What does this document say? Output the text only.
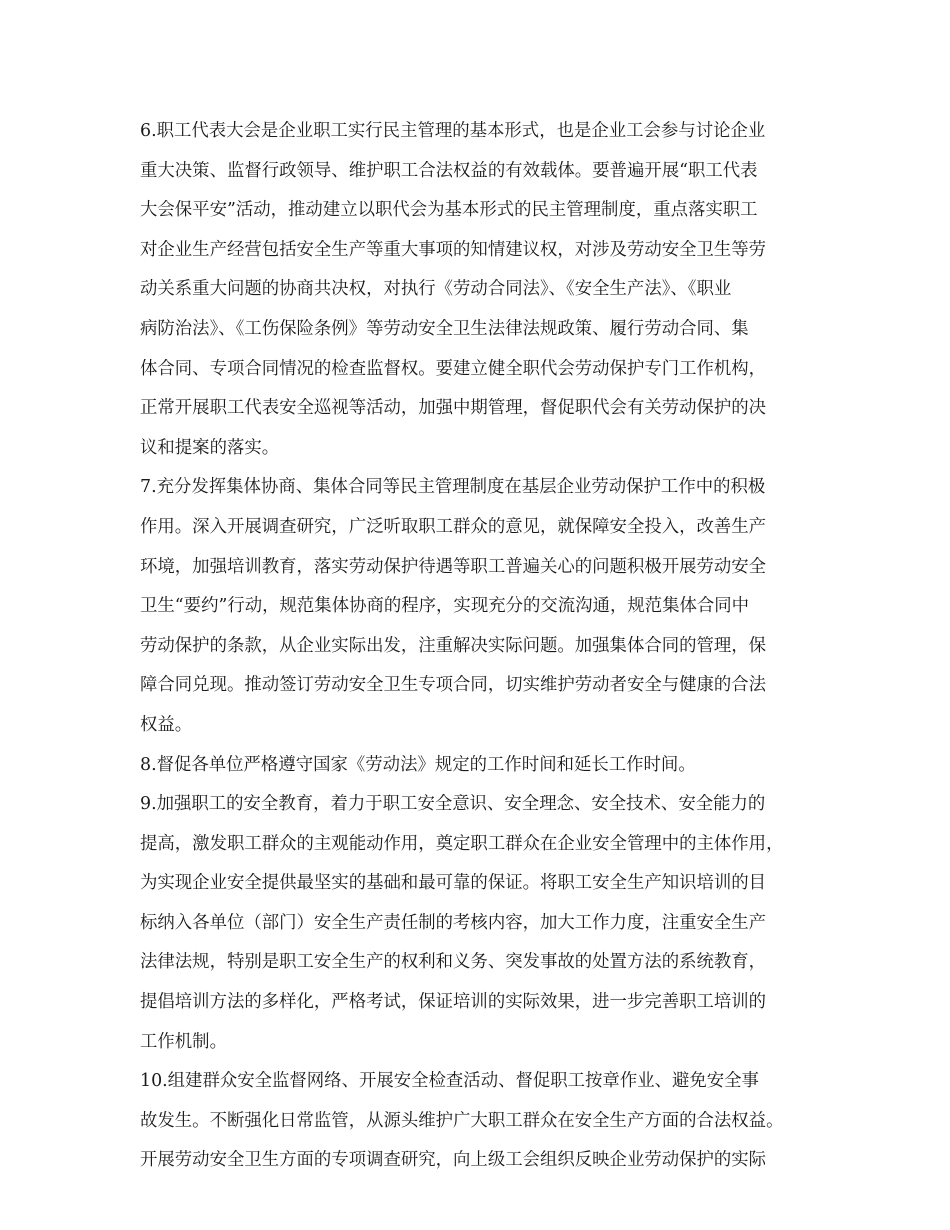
6.职工代表大会是企业职工实行民主管理的基本形式，也是企业工会参与讨论企业
重大决策、监督行政领导、维护职工合法权益的有效载体。要普遍开展“职工代表
大会保平安”活动，推动建立以职代会为基本形式的民主管理制度，重点落实职工
对企业生产经营包括安全生产等重大事项的知情建议权，对涉及劳动安全卫生等劳
动关系重大问题的协商共决权，对执行《劳动合同法》、《安全生产法》、《职业
病防治法》、《工伤保险条例》等劳动安全卫生法律法规政策、履行劳动合同、集
体合同、专项合同情况的检查监督权。要建立健全职代会劳动保护专门工作机构，
正常开展职工代表安全巡视等活动，加强中期管理，督促职代会有关劳动保护的决
议和提案的落实。
7.充分发挥集体协商、集体合同等民主管理制度在基层企业劳动保护工作中的积极
作用。深入开展调查研究，广泛听取职工群众的意见，就保障安全投入，改善生产
环境，加强培训教育，落实劳动保护待遇等职工普遍关心的问题积极开展劳动安全
卫生“要约”行动，规范集体协商的程序，实现充分的交流沟通，规范集体合同中
劳动保护的条款，从企业实际出发，注重解决实际问题。加强集体合同的管理，保
障合同兑现。推动签订劳动安全卫生专项合同，切实维护劳动者安全与健康的合法
权益。
8.督促各单位严格遵守国家《劳动法》规定的工作时间和延长工作时间。
9.加强职工的安全教育，着力于职工安全意识、安全理念、安全技术、安全能力的
提高，激发职工群众的主观能动作用，奠定职工群众在企业安全管理中的主体作用，
为实现企业安全提供最坚实的基础和最可靠的保证。将职工安全生产知识培训的目
标纳入各单位（部门）安全生产责任制的考核内容，加大工作力度，注重安全生产
法律法规，特别是职工安全生产的权利和义务、突发事故的处置方法的系统教育，
提倡培训方法的多样化，严格考试，保证培训的实际效果，进一步完善职工培训的
工作机制。
10.组建群众安全监督网络、开展安全检查活动、督促职工按章作业、避免安全事
故发生。不断强化日常监管，从源头维护广大职工群众在安全生产方面的合法权益。
开展劳动安全卫生方面的专项调查研究，向上级工会组织反映企业劳动保护的实际
